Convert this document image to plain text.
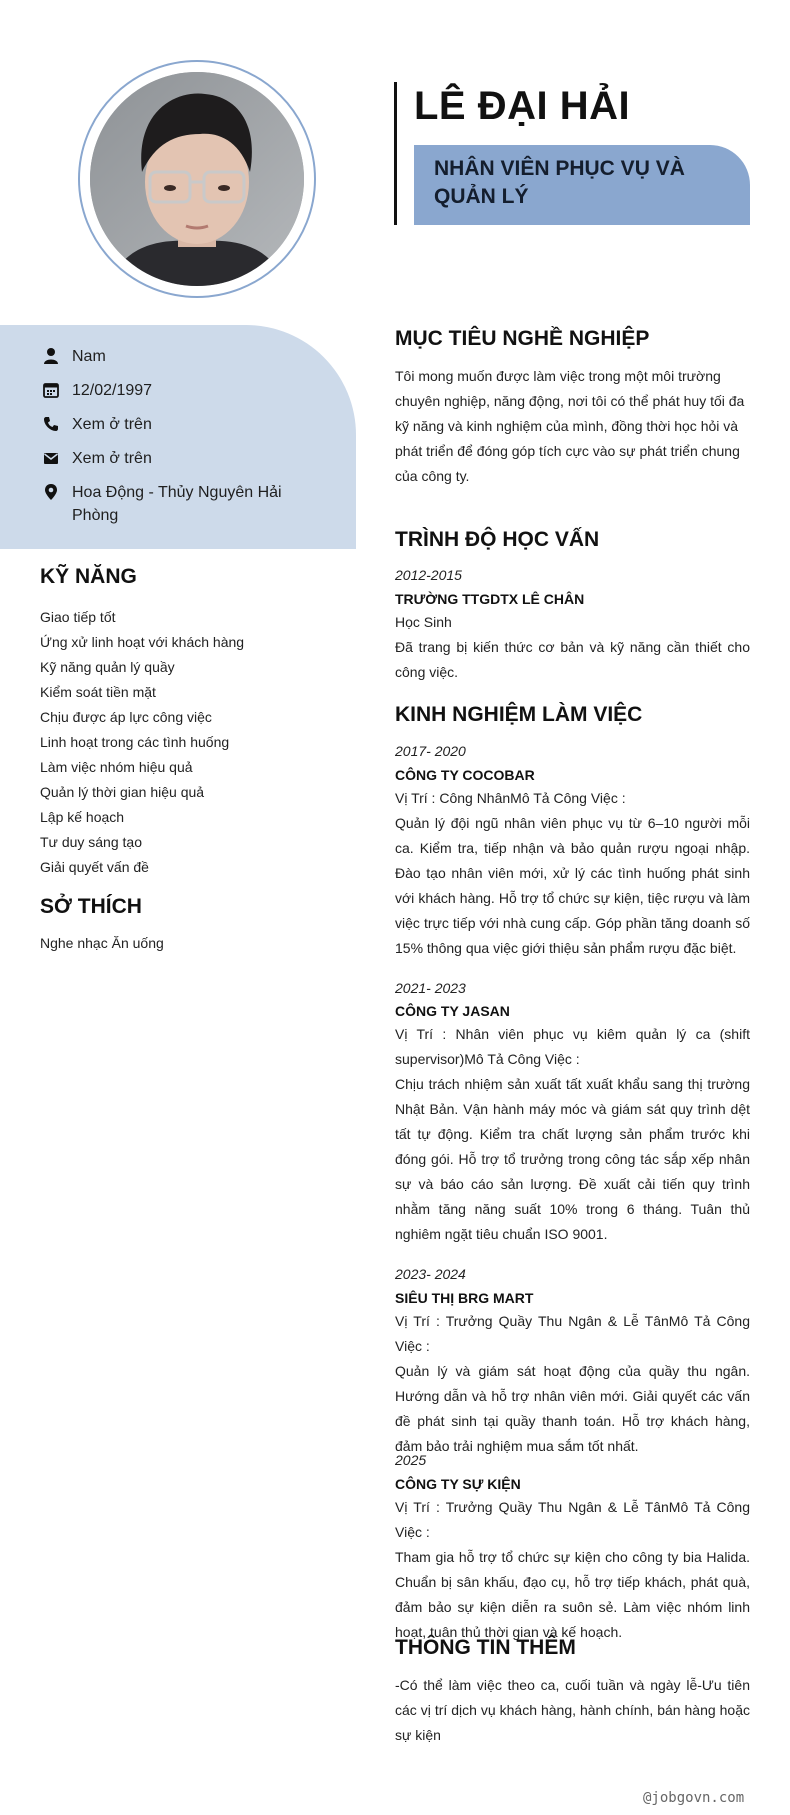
LÊ ĐẠI HẢI
NHÂN VIÊN PHỤC VỤ VÀ QUẢN LÝ
Nam
12/02/1997
Xem ở trên
Xem ở trên
Hoa Động - Thủy Nguyên Hải Phòng
KỸ NĂNG
Giao tiếp tốt
Ứng xử linh hoạt với khách hàng
Kỹ năng quản lý quầy
Kiểm soát tiền mặt
Chịu được áp lực công việc
Linh hoạt trong các tình huống
Làm việc nhóm hiệu quả
Quản lý thời gian hiệu quả
Lập kế hoạch
Tư duy sáng tạo
Giải quyết vấn đề
SỞ THÍCH
Nghe nhạc Ăn uống
MỤC TIÊU NGHỀ NGHIỆP
Tôi mong muốn được làm việc trong một môi trường chuyên nghiệp, năng động, nơi tôi có thể phát huy tối đa kỹ năng và kinh nghiệm của mình, đồng thời học hỏi và phát triển để đóng góp tích cực vào sự phát triển chung của công ty.
TRÌNH ĐỘ HỌC VẤN
2012-2015
TRƯỜNG TTGDTX LÊ CHÂN
Học Sinh
Đã trang bị kiến thức cơ bản và kỹ năng cần thiết cho công việc.
KINH NGHIỆM LÀM VIỆC
2017- 2020
CÔNG TY COCOBAR
Vị Trí : Công NhânMô Tả Công Việc :
Quản lý đội ngũ nhân viên phục vụ từ 6–10 người mỗi ca. Kiểm tra, tiếp nhận và bảo quản rượu ngoại nhập. Đào tạo nhân viên mới, xử lý các tình huống phát sinh với khách hàng. Hỗ trợ tổ chức sự kiện, tiệc rượu và làm việc trực tiếp với nhà cung cấp. Góp phần tăng doanh số 15% thông qua việc giới thiệu sản phẩm rượu đặc biệt.
2021- 2023
CÔNG TY JASAN
Vị Trí : Nhân viên phục vụ kiêm quản lý ca (shift supervisor)Mô Tả Công Việc :
Chịu trách nhiệm sản xuất tất xuất khẩu sang thị trường Nhật Bản. Vận hành máy móc và giám sát quy trình dệt tất tự động. Kiểm tra chất lượng sản phẩm trước khi đóng gói. Hỗ trợ tổ trưởng trong công tác sắp xếp nhân sự và báo cáo sản lượng. Đề xuất cải tiến quy trình nhằm tăng năng suất 10% trong 6 tháng. Tuân thủ nghiêm ngặt tiêu chuẩn ISO 9001.
2023- 2024
SIÊU THỊ BRG MART
Vị Trí : Trưởng Quầy Thu Ngân & Lễ TânMô Tả Công Việc :
Quản lý và giám sát hoạt động của quầy thu ngân. Hướng dẫn và hỗ trợ nhân viên mới. Giải quyết các vấn đề phát sinh tại quầy thanh toán. Hỗ trợ khách hàng, đảm bảo trải nghiệm mua sắm tốt nhất.
2025
CÔNG TY SỰ KIỆN
Vị Trí : Trưởng Quầy Thu Ngân & Lễ TânMô Tả Công Việc :
Tham gia hỗ trợ tổ chức sự kiện cho công ty bia Halida. Chuẩn bị sân khấu, đạo cụ, hỗ trợ tiếp khách, phát quà, đảm bảo sự kiện diễn ra suôn sẻ. Làm việc nhóm linh hoạt, tuân thủ thời gian và kế hoạch.
THÔNG TIN THÊM
-Có thể làm việc theo ca, cuối tuần và ngày lễ-Ưu tiên các vị trí dịch vụ khách hàng, hành chính, bán hàng hoặc sự kiện
@jobgovn.com
